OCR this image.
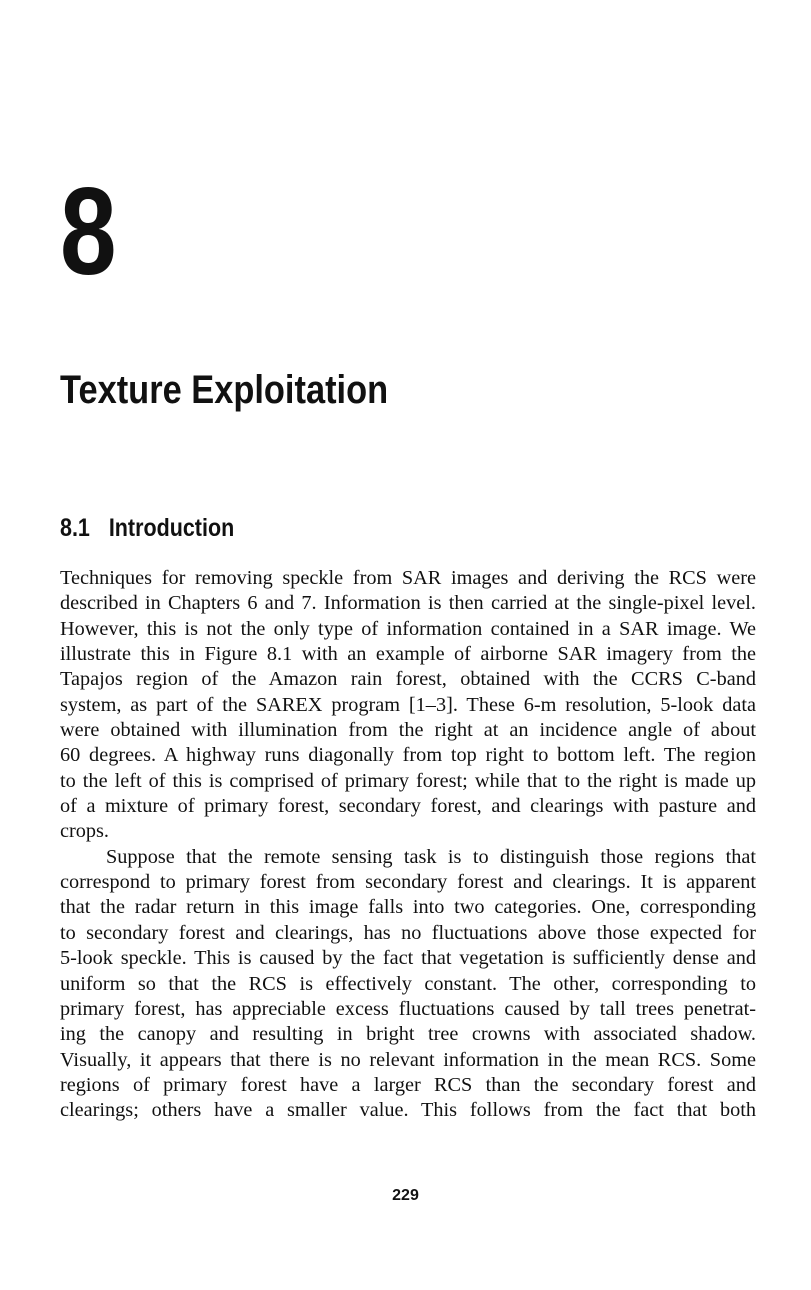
8
Texture Exploitation
8.1 Introduction

Techniques for removing speckle from SAR images and deriving the RCS were
described in Chapters 6 and 7. Information is then carried at the single-pixel level.
However, this is not the only type of information contained in a SAR image. We
illustrate this in Figure 8.1 with an example of airborne SAR imagery from the
Tapajos region of the Amazon rain forest, obtained with the CCRS C-band
system, as part of the SAREX program [1–3]. These 6-m resolution, 5-look data
were obtained with illumination from the right at an incidence angle of about
60 degrees. A highway runs diagonally from top right to bottom left. The region
to the left of this is comprised of primary forest; while that to the right is made up
of a mixture of primary forest, secondary forest, and clearings with pasture and
crops.

Suppose that the remote sensing task is to distinguish those regions that
correspond to primary forest from secondary forest and clearings. It is apparent
that the radar return in this image falls into two categories. One, corresponding
to secondary forest and clearings, has no fluctuations above those expected for
5-look speckle. This is caused by the fact that vegetation is sufficiently dense and
uniform so that the RCS is effectively constant. The other, corresponding to
primary forest, has appreciable excess fluctuations caused by tall trees penetrat-
ing the canopy and resulting in bright tree crowns with associated shadow.
Visually, it appears that there is no relevant information in the mean RCS. Some
regions of primary forest have a larger RCS than the secondary forest and
clearings; others have a smaller value. This follows from the fact that both

229
